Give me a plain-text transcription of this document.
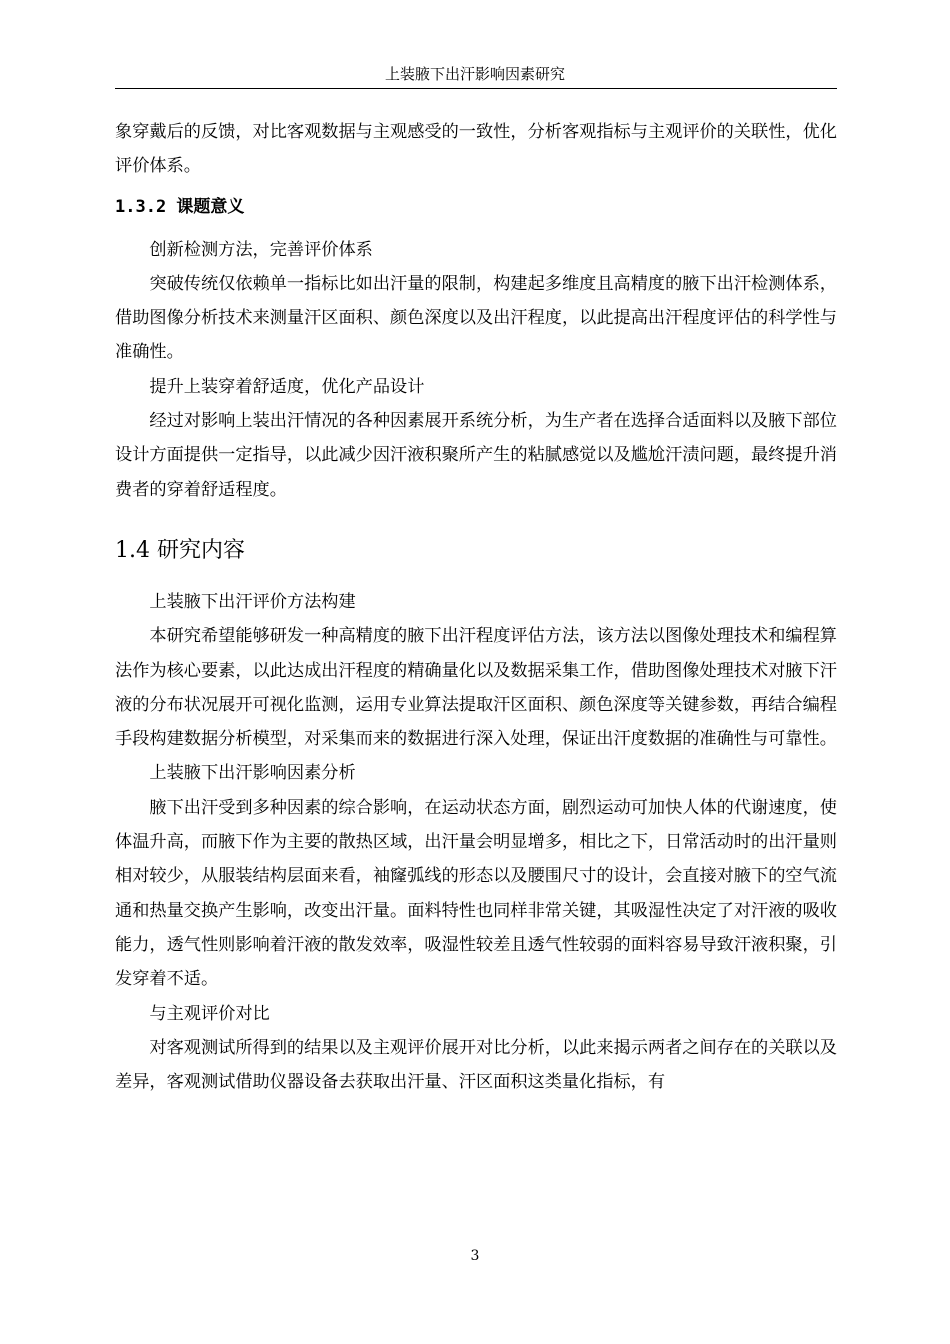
上装腋下出汗影响因素研究

象穿戴后的反馈，对比客观数据与主观感受的一致性，分析客观指标与主观评价的关联性，优化评价体系。

1.3.2 课题意义

创新检测方法，完善评价体系

突破传统仅依赖单一指标比如出汗量的限制，构建起多维度且高精度的腋下出汗检测体系，借助图像分析技术来测量汗区面积、颜色深度以及出汗程度，以此提高出汗程度评估的科学性与准确性。

提升上装穿着舒适度，优化产品设计

经过对影响上装出汗情况的各种因素展开系统分析，为生产者在选择合适面料以及腋下部位设计方面提供一定指导，以此减少因汗液积聚所产生的粘腻感觉以及尴尬汗渍问题，最终提升消费者的穿着舒适程度。

1.4 研究内容

上装腋下出汗评价方法构建

本研究希望能够研发一种高精度的腋下出汗程度评估方法，该方法以图像处理技术和编程算法作为核心要素，以此达成出汗程度的精确量化以及数据采集工作，借助图像处理技术对腋下汗液的分布状况展开可视化监测，运用专业算法提取汗区面积、颜色深度等关键参数，再结合编程手段构建数据分析模型，对采集而来的数据进行深入处理，保证出汗度数据的准确性与可靠性。

上装腋下出汗影响因素分析

腋下出汗受到多种因素的综合影响，在运动状态方面，剧烈运动可加快人体的代谢速度，使体温升高，而腋下作为主要的散热区域，出汗量会明显增多，相比之下，日常活动时的出汗量则相对较少，从服装结构层面来看，袖窿弧线的形态以及腰围尺寸的设计，会直接对腋下的空气流通和热量交换产生影响，改变出汗量。面料特性也同样非常关键，其吸湿性决定了对汗液的吸收能力，透气性则影响着汗液的散发效率，吸湿性较差且透气性较弱的面料容易导致汗液积聚，引发穿着不适。

与主观评价对比

对客观测试所得到的结果以及主观评价展开对比分析，以此来揭示两者之间存在的关联以及差异，客观测试借助仪器设备去获取出汗量、汗区面积这类量化指标，有

3
